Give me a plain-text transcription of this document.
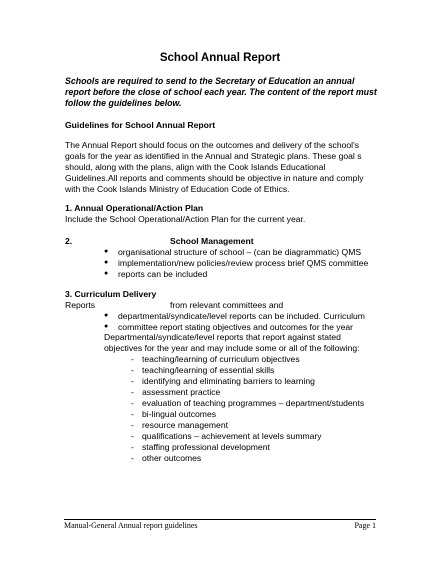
School Annual Report

Schools are required to send to the Secretary of Education an annual

report before the close of school each year. The content of the report must

follow the guidelines below.

Guidelines for School Annual Report

The Annual Report should focus on the outcomes and delivery of the school's

goals for the year as identified in the Annual and Strategic plans. These goal s

should, along with the plans, align with the Cook Islands Educational

Guidelines.All reports and comments should be objective in nature and comply

with the Cook Islands Ministry of Education Code of Ethics.

1. Annual Operational/Action Plan

Include the School Operational/Action Plan for the current year.

2.	School Management

● organisational structure of school – (can be diagrammatic) QMS

● implementation/new policies/review process brief QMS committee

● reports can be included

3. Curriculum Delivery

Reports	from relevant committees and

● departmental/syndicate/level reports can be included. Curriculum

● committee report stating objectives and outcomes for the year

Departmental/syndicate/level reports that report against stated

objectives for the year and may include some or all of the following:

- teaching/learning of curriculum objectives

- teaching/learning of essential skills

- identifying and eliminating barriers to learning

- assessment practice

- evaluation of teaching programmes – department/students

- bi-lingual outcomes

- resource management

- qualifications – achievement at levels summary

- staffing professional development

- other outcomes

Manual-General Annual report guidelines	Page 1
